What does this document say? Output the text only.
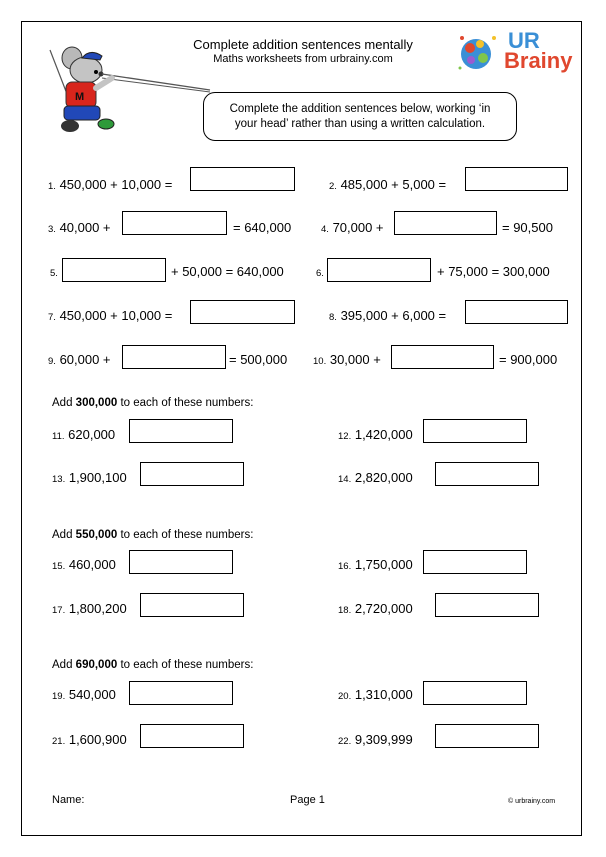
Complete addition sentences mentally
Maths worksheets from urbrainy.com
M
UR
Brainy
Complete the addition sentences below, working ‘in
your head’ rather than using a written calculation.
1. 450,000 + 10,000 =	2. 485,000 + 5,000 =
3. 40,000 +	= 640,000	4. 70,000 +	= 90,500
5.	+ 50,000 = 640,000	6.	+ 75,000 = 300,000
7. 450,000 + 10,000 =	8. 395,000 + 6,000 =
9. 60,000 +	= 500,000	10. 30,000 +	= 900,000
Add 300,000 to each of these numbers:
11. 620,000	12. 1,420,000
13. 1,900,100	14. 2,820,000
Add 550,000 to each of these numbers:
15. 460,000	16. 1,750,000
17. 1,800,200	18. 2,720,000
Add 690,000 to each of these numbers:
19. 540,000	20. 1,310,000
21. 1,600,900	22. 9,309,999
Name:	Page 1	© urbrainy.com
